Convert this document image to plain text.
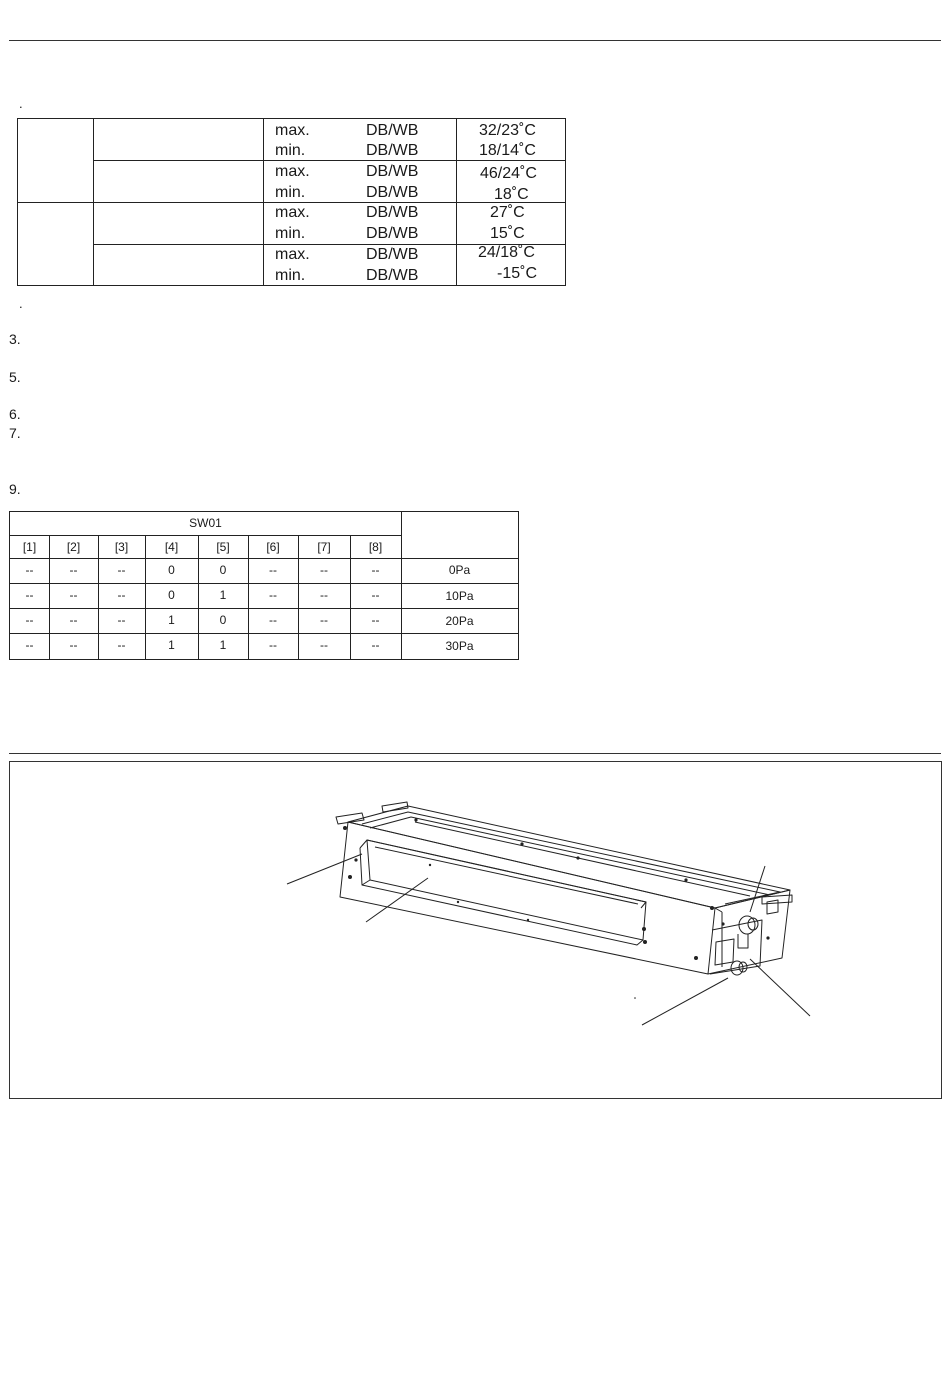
.
max.	DB/WB	32/23˚C
min.	DB/WB	18/14˚C
max.	DB/WB	46/24˚C
min.	DB/WB	18˚C
max.	DB/WB	27˚C
min.	DB/WB	15˚C
max.	DB/WB	24/18˚C
min.	DB/WB	-15˚C
.
3.
5.
6.
7.
9.
SW01
[1]	[2]	[3]	[4]	[5]	[6]	[7]	[8]
--	--	--	0	0	--	--	--	0Pa
--	--	--	0	1	--	--	--	10Pa
--	--	--	1	0	--	--	--	20Pa
--	--	--	1	1	--	--	--	30Pa
